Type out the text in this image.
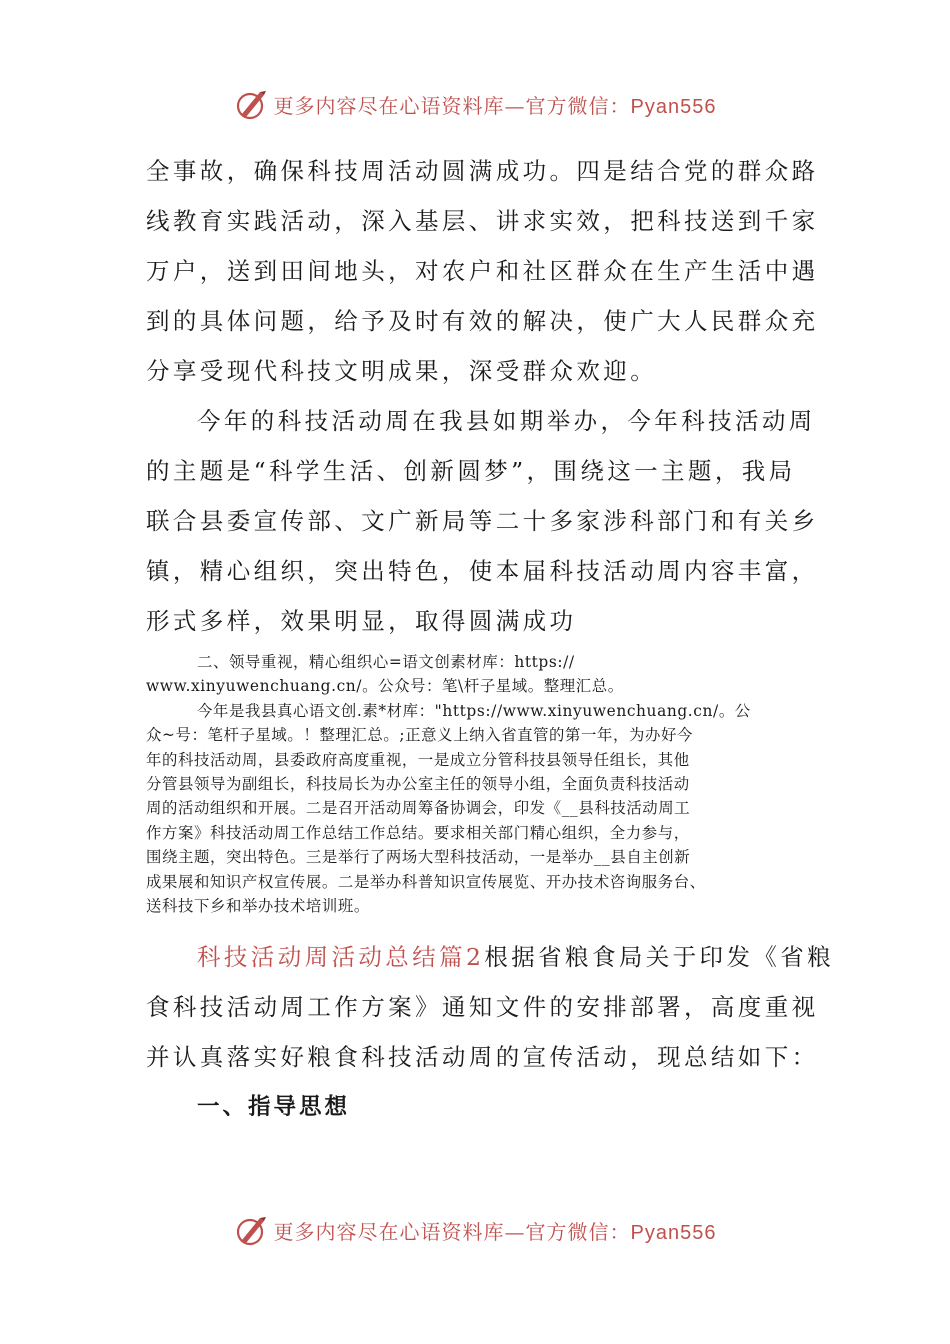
更多内容尽在心语资料库—官方微信：Pyan556

全事故，确保科技周活动圆满成功。四是结合党的群众路

线教育实践活动，深入基层、讲求实效，把科技送到千家

万户，送到田间地头，对农户和社区群众在生产生活中遇

到的具体问题，给予及时有效的解决，使广大人民群众充

分享受现代科技文明成果，深受群众欢迎。

今年的科技活动周在我县如期举办，今年科技活动周

的主题是“科学生活、创新圆梦”，围绕这一主题，我局

联合县委宣传部、文广新局等二十多家涉科部门和有关乡

镇，精心组织，突出特色，使本届科技活动周内容丰富，

形式多样，效果明显，取得圆满成功

二、领导重视，精心组织心=语文创素材库：https://

www.xinyuwenchuang.cn/。公众号：笔\杆子星域。整理汇总。

今年是我县真心语文创.素*材库："https://www.xinyuwenchuang.cn/。公

众~号：笔杆子星域。！整理汇总。;正意义上纳入省直管的第一年，为办好今

年的科技活动周，县委政府高度重视，一是成立分管科技县领导任组长，其他

分管县领导为副组长，科技局长为办公室主任的领导小组，全面负责科技活动

周的活动组织和开展。二是召开活动周筹备协调会，印发《__县科技活动周工

作方案》科技活动周工作总结工作总结。要求相关部门精心组织，全力参与，

围绕主题，突出特色。三是举行了两场大型科技活动，一是举办__县自主创新

成果展和知识产权宣传展。二是举办科普知识宣传展览、开办技术咨询服务台、

送科技下乡和举办技术培训班。

科技活动周活动总结篇2根据省粮食局关于印发《省粮

食科技活动周工作方案》通知文件的安排部署，高度重视

并认真落实好粮食科技活动周的宣传活动，现总结如下：

一、指导思想

更多内容尽在心语资料库—官方微信：Pyan556
